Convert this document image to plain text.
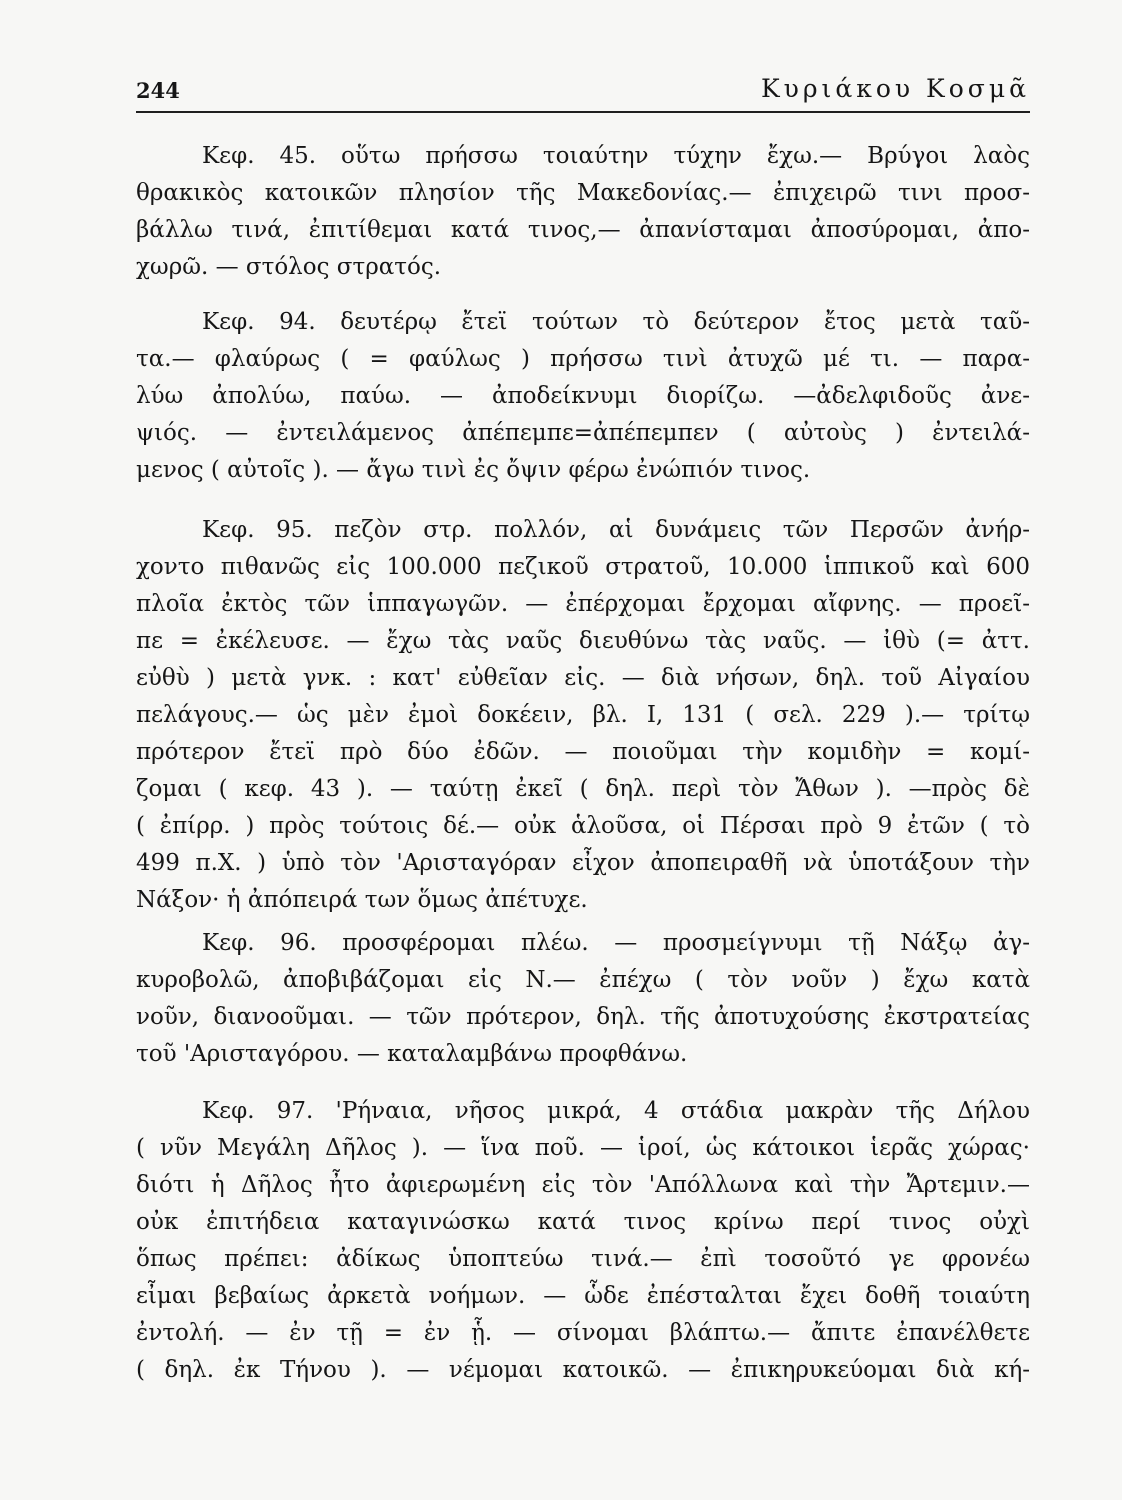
244	Κυριάκου Κοσμᾶ
Κεφ. 45. οὕτω πρήσσω τοιαύτην τύχην ἔχω.— Βρύγοι λαὸς
θρακικὸς κατοικῶν πλησίον τῆς Μακεδονίας.— ἐπιχειρῶ τινι προσ-
βάλλω τινά, ἐπιτίθεμαι κατά τινος,— ἀπανίσταμαι ἀποσύρομαι, ἀπο-
χωρῶ. — στόλος στρατός.
Κεφ. 94. δευτέρῳ ἔτεϊ τούτων τὸ δεύτερον ἔτος μετὰ ταῦ-
τα.— φλαύρως ( = φαύλως ) πρήσσω τινὶ ἀτυχῶ μέ τι. — παρα-
λύω ἀπολύω, παύω. — ἀποδείκνυμι διορίζω. —ἀδελφιδοῦς ἀνε-
ψιός. — ἐντειλάμενος ἀπέπεμπε=ἀπέπεμπεν ( αὐτοὺς ) ἐντειλά-
μενος ( αὐτοῖς ). — ἄγω τινὶ ἐς ὄψιν φέρω ἐνώπιόν τινος.
Κεφ. 95. πεζὸν στρ. πολλόν, αἱ δυνάμεις τῶν Περσῶν ἀνήρ-
χοντο πιθανῶς εἰς 100.000 πεζικοῦ στρατοῦ, 10.000 ἱππικοῦ καὶ 600
πλοῖα ἐκτὸς τῶν ἱππαγωγῶν. — ἐπέρχομαι ἔρχομαι αἴφνης. — προεῖ-
πε = ἐκέλευσε. — ἔχω τὰς ναῦς διευθύνω τὰς ναῦς. — ἰθὺ (= ἀττ.
εὐθὺ ) μετὰ γνκ. : κατ' εὐθεῖαν εἰς. — διὰ νήσων, δηλ. τοῦ Αἰγαίου
πελάγους.— ὡς μὲν ἐμοὶ δοκέειν, βλ. I, 131 ( σελ. 229 ).— τρίτῳ
πρότερον ἔτεϊ πρὸ δύο ἐδῶν. — ποιοῦμαι τὴν κομιδὴν = κομί-
ζομαι ( κεφ. 43 ). — ταύτῃ ἐκεῖ ( δηλ. περὶ τὸν Ἄθων ). —πρὸς δὲ
( ἐπίρρ. ) πρὸς τούτοις δέ.— οὐκ ἁλοῦσα, οἱ Πέρσαι πρὸ 9 ἐτῶν ( τὸ
499 π.Χ. ) ὑπὸ τὸν 'Αρισταγόραν εἶχον ἀποπειραθῆ νὰ ὑποτάξουν τὴν
Νάξον· ἡ ἀπόπειρά των ὅμως ἀπέτυχε.
Κεφ. 96. προσφέρομαι πλέω. — προσμείγνυμι τῇ Νάξῳ ἀγ-
κυροβολῶ, ἀποβιβάζομαι εἰς Ν.— ἐπέχω ( τὸν νοῦν ) ἔχω κατὰ
νοῦν, διανοοῦμαι. — τῶν πρότερον, δηλ. τῆς ἀποτυχούσης ἐκστρατείας
τοῦ 'Αρισταγόρου. — καταλαμβάνω προφθάνω.
Κεφ. 97. 'Ρήναια, νῆσος μικρά, 4 στάδια μακρὰν τῆς Δήλου
( νῦν Μεγάλη Δῆλος ). — ἵνα ποῦ. — ἱροί, ὡς κάτοικοι ἱερᾶς χώρας·
διότι ἡ Δῆλος ἦτο ἀφιερωμένη εἰς τὸν 'Απόλλωνα καὶ τὴν Ἄρτεμιν.—
οὐκ ἐπιτήδεια καταγινώσκω κατά τινος κρίνω περί τινος οὐχὶ
ὅπως πρέπει: ἀδίκως ὑποπτεύω τινά.— ἐπὶ τοσοῦτό γε φρονέω
εἶμαι βεβαίως ἀρκετὰ νοήμων. — ὧδε ἐπέσταλται ἔχει δοθῆ τοιαύτη
ἐντολή. — ἐν τῇ = ἐν ᾗ. — σίνομαι βλάπτω.— ἄπιτε ἐπανέλθετε
( δηλ. ἐκ Τήνου ). — νέμομαι κατοικῶ. — ἐπικηρυκεύομαι διὰ κή-
